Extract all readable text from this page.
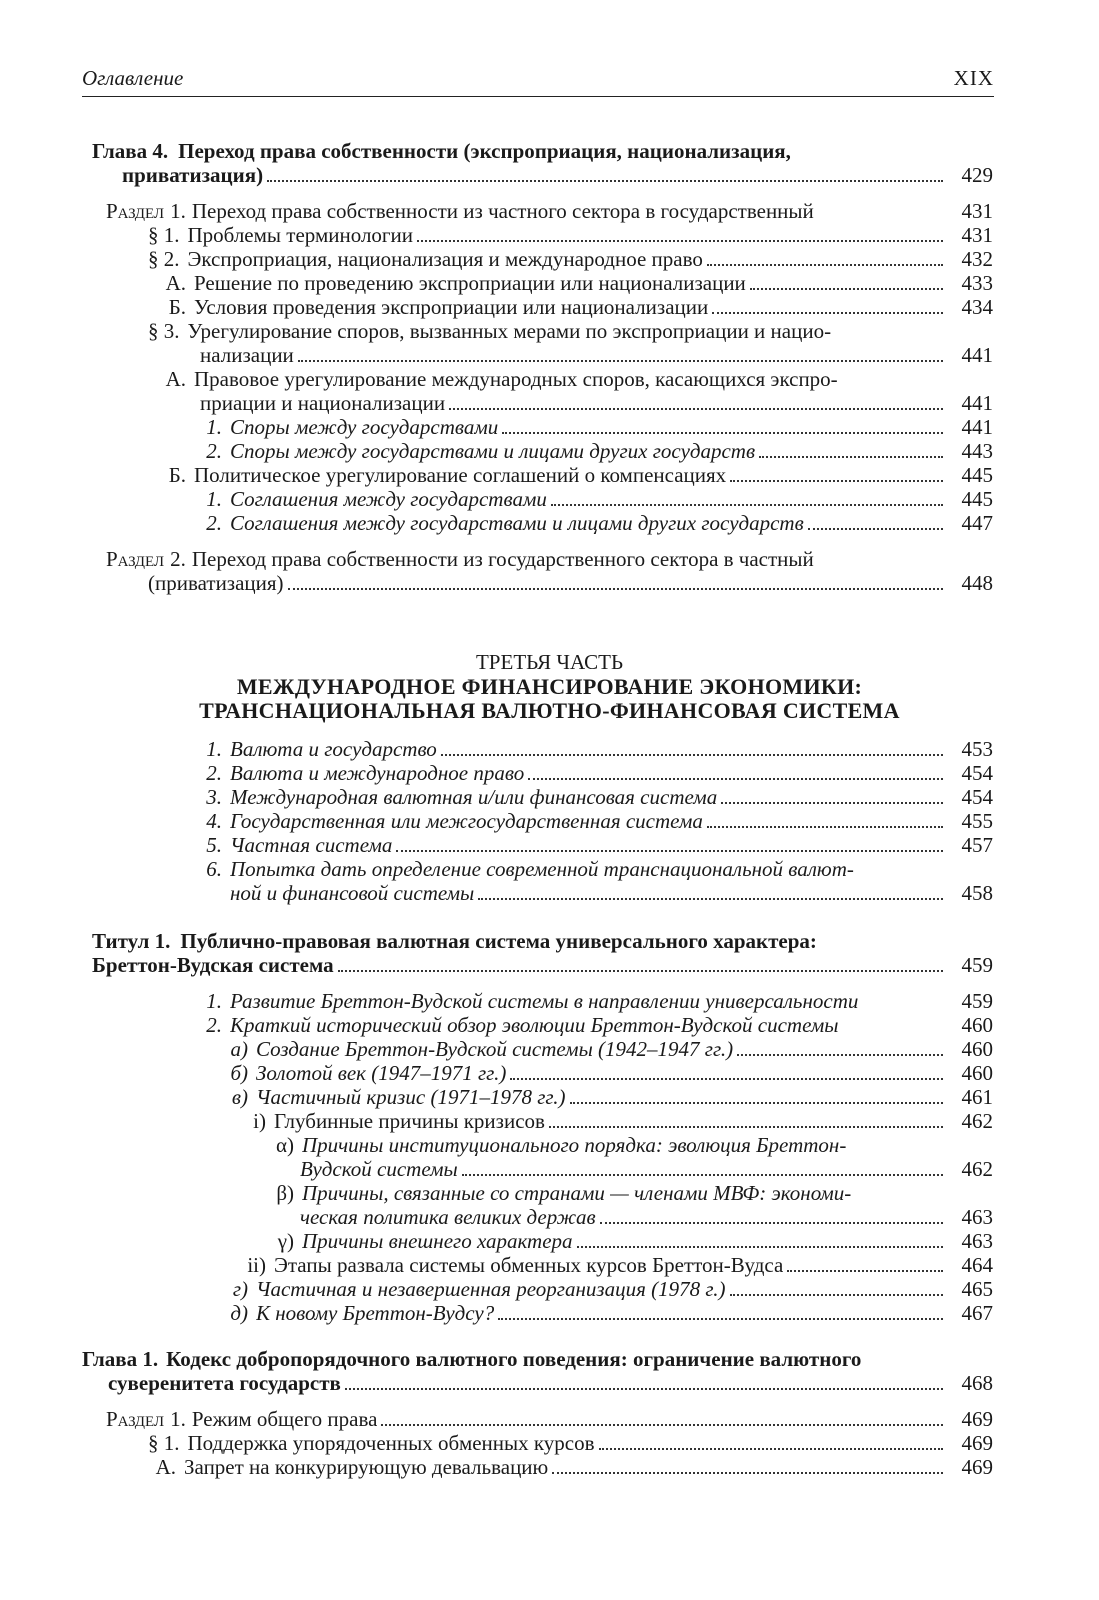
Оглавление	XIX
Глава 4. Переход права собственности (экспроприация, национализация,
приватизация)	429
Раздел 1. Переход права собственности из частного сектора в государственный	431
§ 1. Проблемы терминологии	431
§ 2. Экспроприация, национализация и международное право	432
А. Решение по проведению экспроприации или национализации	433
Б. Условия проведения экспроприации или национализации	434
§ 3. Урегулирование споров, вызванных мерами по экспроприации и нацио-
нализации	441
А. Правовое урегулирование международных споров, касающихся экспро-
приации и национализации	441
1. Споры между государствами	441
2. Споры между государствами и лицами других государств	443
Б. Политическое урегулирование соглашений о компенсациях	445
1. Соглашения между государствами	445
2. Соглашения между государствами и лицами других государств	447
Раздел 2. Переход права собственности из государственного сектора в частный
(приватизация)	448
ТРЕТЬЯ ЧАСТЬ
МЕЖДУНАРОДНОЕ ФИНАНСИРОВАНИЕ ЭКОНОМИКИ:
ТРАНСНАЦИОНАЛЬНАЯ ВАЛЮТНО-ФИНАНСОВАЯ СИСТЕМА
1. Валюта и государство	453
2. Валюта и международное право	454
3. Международная валютная и/или финансовая система	454
4. Государственная или межгосударственная система	455
5. Частная система	457
6. Попытка дать определение современной транснациональной валют-
ной и финансовой системы	458
Титул 1. Публично-правовая валютная система универсального характера:
Бреттон-Вудская система	459
1. Развитие Бреттон-Вудской системы в направлении универсальности	459
2. Краткий исторический обзор эволюции Бреттон-Вудской системы	460
а) Создание Бреттон-Вудской системы (1942–1947 гг.)	460
б) Золотой век (1947–1971 гг.)	460
в) Частичный кризис (1971–1978 гг.)	461
i) Глубинные причины кризисов	462
α) Причины институционального порядка: эволюция Бреттон-
Вудской системы	462
β) Причины, связанные со странами — членами МВФ: экономи-
ческая политика великих держав	463
γ) Причины внешнего характера	463
ii) Этапы развала системы обменных курсов Бреттон-Вудса	464
г) Частичная и незавершенная реорганизация (1978 г.)	465
д) К новому Бреттон-Вудсу?	467
Глава 1. Кодекс добропорядочного валютного поведения: ограничение валютного
суверенитета государств	468
Раздел 1. Режим общего права	469
§ 1. Поддержка упорядоченных обменных курсов	469
А. Запрет на конкурирующую девальвацию	469
